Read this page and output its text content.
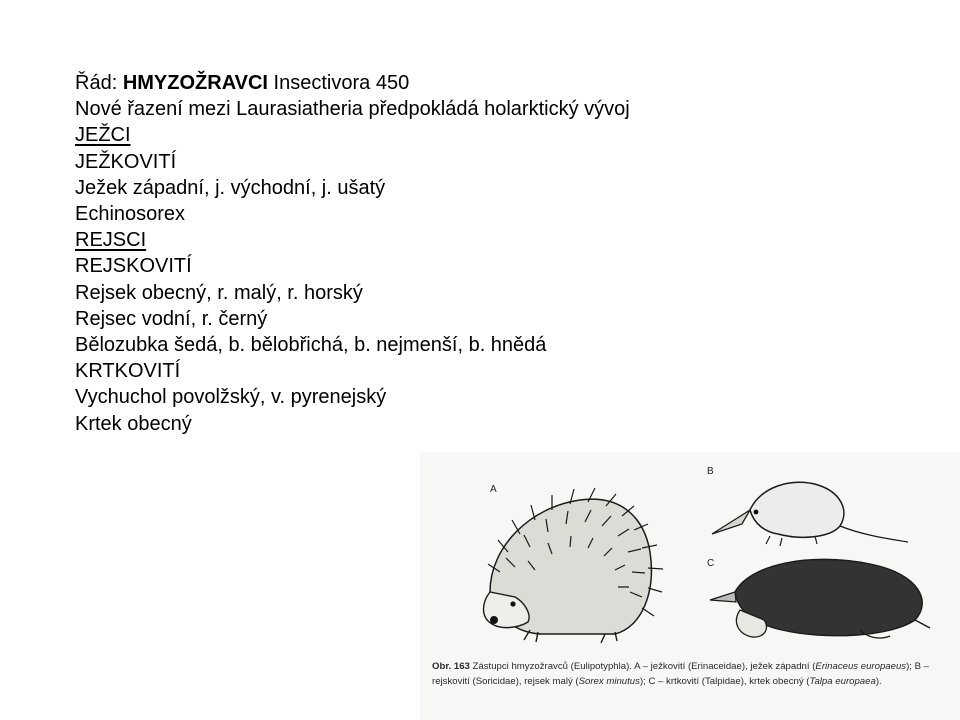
Řád: HMYZOŽRAVCI Insectivora 450
Nové řazení mezi Laurasiatheria předpokládá holarktický vývoj
JEŽCI
JEŽKOVITÍ
Ježek západní, j. východní, j. ušatý
Echinosorex
REJSCI
REJSKOVITÍ
Rejsek obecný, r. malý, r. horský
Rejsec vodní, r. černý
Bělozubka šedá, b. bělobřichá, b. nejmenší, b. hnědá
KRTKOVITÍ
Vychuchol povolžský, v. pyrenejský
Krtek obecný
A
B
C
Obr. 163 Zástupci hmyzožravců (Eulipotyphla). A – ježkovití (Erinaceidae), ježek západní (Erinaceus europaeus); B – rejskovití (Soricidae), rejsek malý (Sorex minutus); C – krtkovití (Talpidae), krtek obecný (Talpa europaea).
